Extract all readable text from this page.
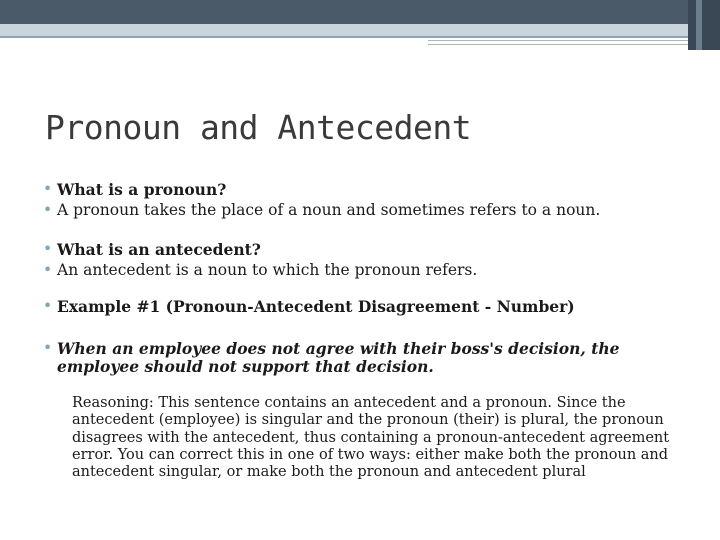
Pronoun and Antecedent
• What is a pronoun?
• A pronoun takes the place of a noun and sometimes refers to a noun.
• What is an antecedent?
• An antecedent is a noun to which the pronoun refers.
• Example #1 (Pronoun-Antecedent Disagreement - Number)
• When an employee does not agree with their boss's decision, the employee should not support that decision.

Reasoning: This sentence contains an antecedent and a pronoun. Since the antecedent (employee) is singular and the pronoun (their) is plural, the pronoun disagrees with the antecedent, thus containing a pronoun-antecedent agreement error. You can correct this in one of two ways: either make both the pronoun and antecedent singular, or make both the pronoun and antecedent plural
